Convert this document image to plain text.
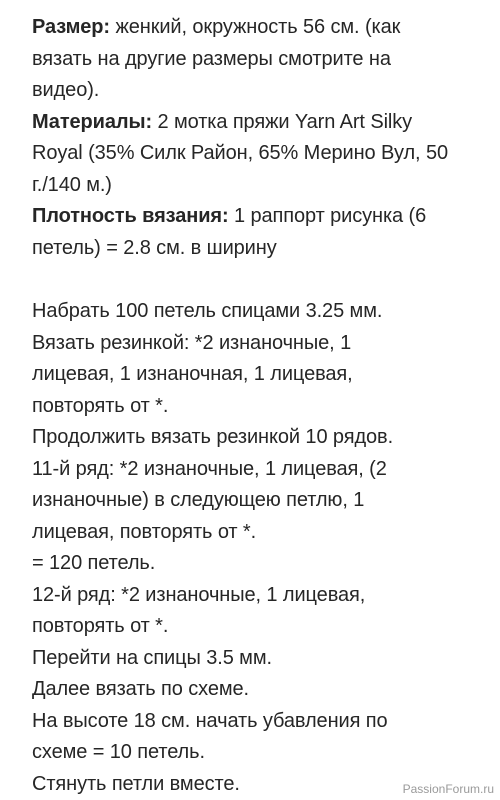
Размер: женкий, окружность 56 см. (как
вязать на другие размеры смотрите на
видео).
Материалы: 2 мотка пряжи Yarn Art Silky
Royal (35% Силк Район, 65% Мерино Вул, 50
г./140 м.)
Плотность вязания: 1 раппорт рисунка (6
петель) = 2.8 см. в ширину
Набрать 100 петель спицами 3.25 мм.
Вязать резинкой: *2 изнаночные, 1
лицевая, 1 изнаночная, 1 лицевая,
повторять от *.
Продолжить вязать резинкой 10 рядов.
11-й ряд: *2 изнаночные, 1 лицевая, (2
изнаночные) в следующею петлю, 1
лицевая, повторять от *.
= 120 петель.
12-й ряд: *2 изнаночные, 1 лицевая,
повторять от *.
Перейти на спицы 3.5 мм.
Далее вязать по схеме.
На высоте 18 см. начать убавления по
схеме = 10 петель.
Стянуть петли вместе.	PassionForum.ru
